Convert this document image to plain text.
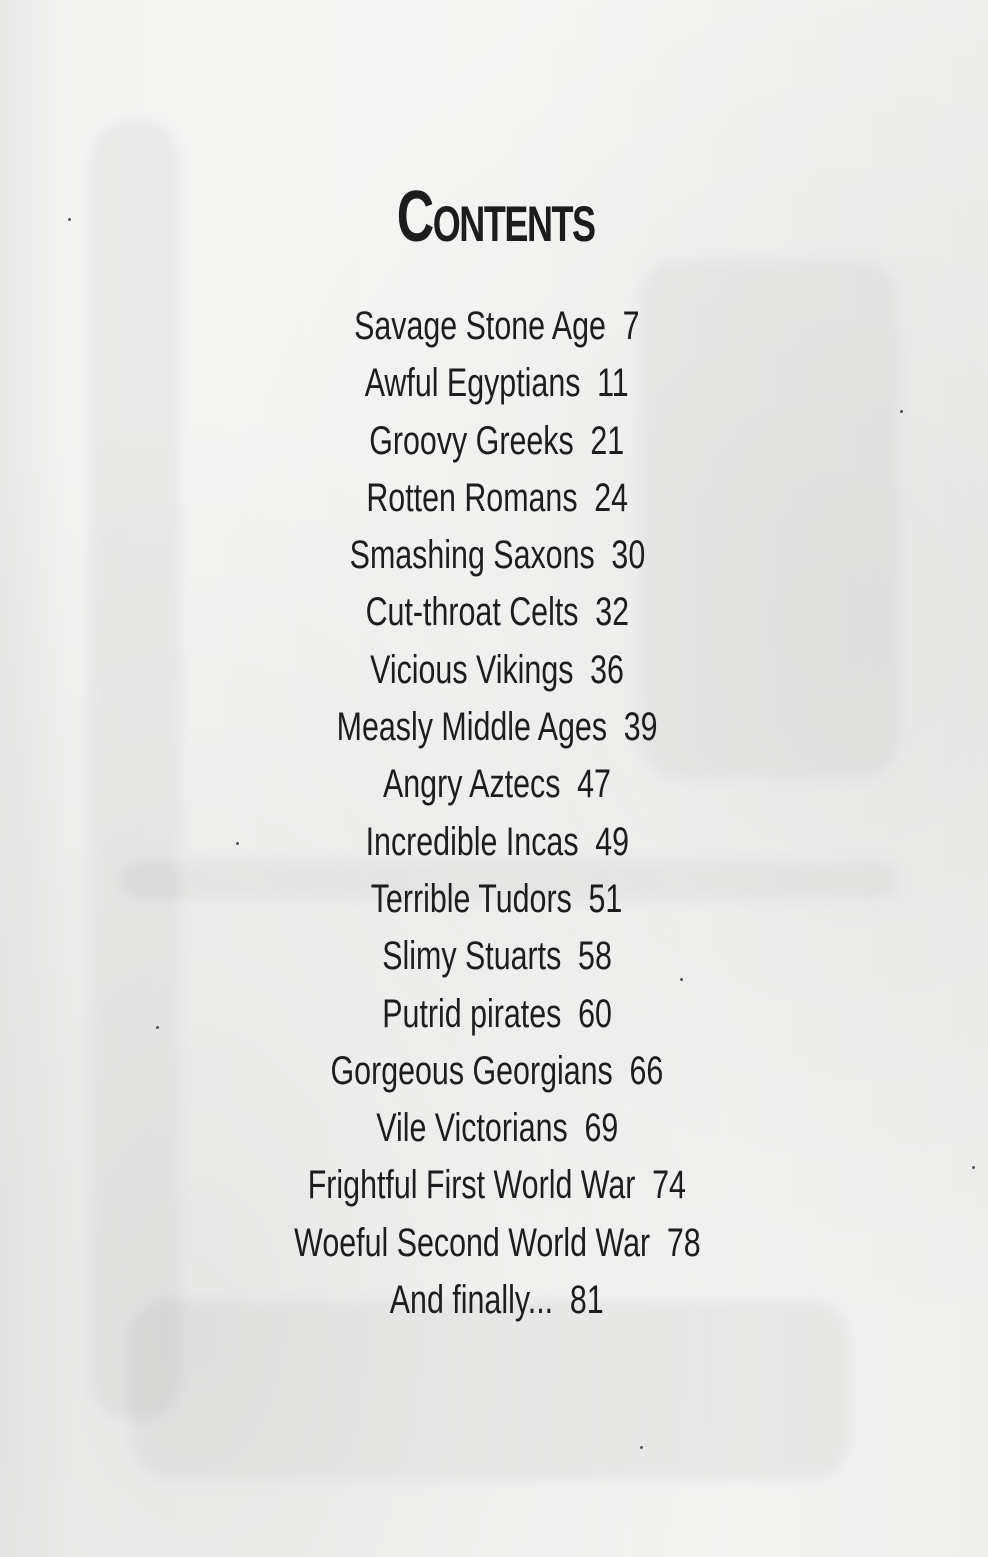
Contents
Savage Stone Age 7
Awful Egyptians 11
Groovy Greeks 21
Rotten Romans 24
Smashing Saxons 30
Cut-throat Celts 32
Vicious Vikings 36
Measly Middle Ages 39
Angry Aztecs 47
Incredible Incas 49
Terrible Tudors 51
Slimy Stuarts 58
Putrid pirates 60
Gorgeous Georgians 66
Vile Victorians 69
Frightful First World War 74
Woeful Second World War 78
And finally... 81
